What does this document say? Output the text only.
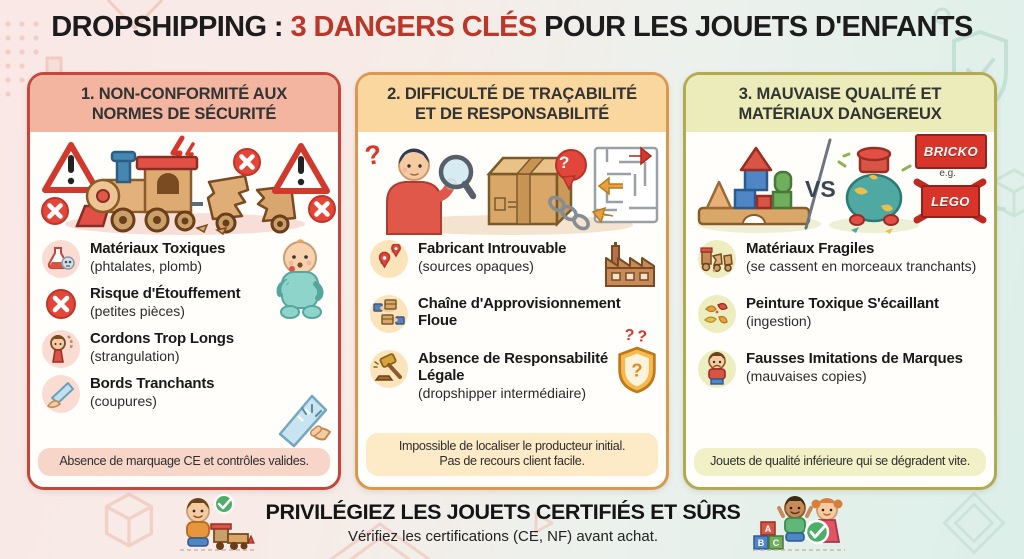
DROPSHIPPING : 3 DANGERS CLÉS POUR LES JOUETS D'ENFANTS
1. NON-CONFORMITÉ AUX
NORMES DE SÉCURITÉ
Matériaux Toxiques
(phtalates, plomb)
Risque d'Étouffement
(petites pièces)
Cordons Trop Longs
(strangulation)
Bords Tranchants
(coupures)
Absence de marquage CE et contrôles valides.
2. DIFFICULTÉ DE TRAÇABILITÉ
ET DE RESPONSABILITÉ
?	?
Fabricant Introuvable
(sources opaques)
Chaîne d'Approvisionnement Floue
Absence de Responsabilité Légale
(dropshipper intermédiaire)
??
?
Impossible de localiser le producteur initial.
Pas de recours client facile.
3. MAUVAISE QUALITÉ ET
MATÉRIAUX DANGEREUX
VS
BRICKO
e.g.
LEGO
Matériaux Fragiles
(se cassent en morceaux tranchants)
Peinture Toxique S'écaillant
(ingestion)
Fausses Imitations de Marques
(mauvaises copies)
Jouets de qualité inférieure qui se dégradent vite.
PRIVILÉGIEZ LES JOUETS CERTIFIÉS ET SÛRS
Vérifiez les certifications (CE, NF) avant achat.	A
B C
